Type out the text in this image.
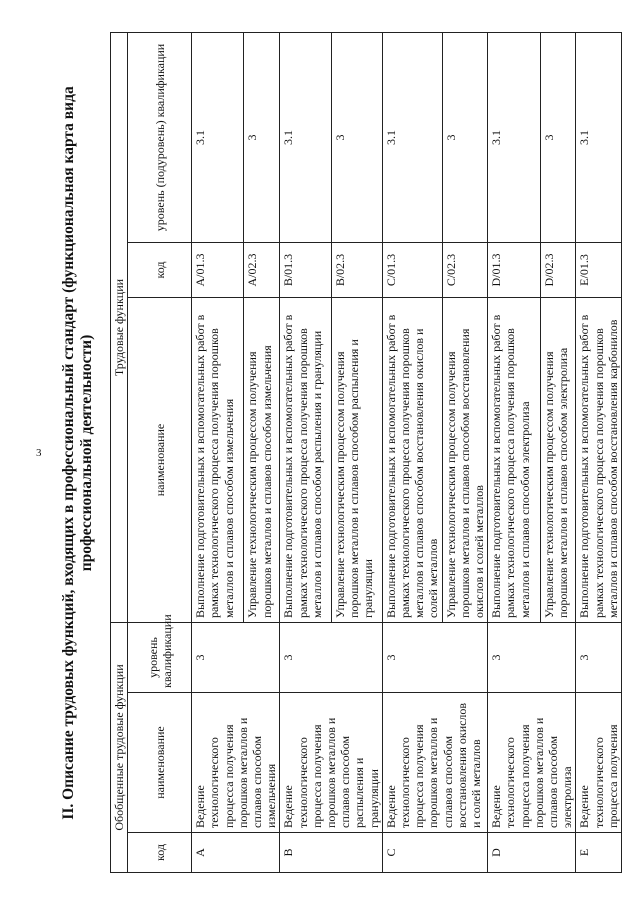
3 II. Описание трудовых функций, входящих в профессиональный стандарт (функциональная карта вида профессиональной деятельности)
Обобщенные трудовые функции			Трудовые функции		
код	наименование	уровень квалификации	наименование	код	уровень (подуровень) квалификации
A	Ведение технологического процесса получения порошков металлов и сплавов способом измельчения	3	Выполнение подготовительных и вспомогательных работ в рамках технологического процесса получения порошков металлов и сплавов способом измельчения	A/01.3	3.1
			Управление технологическим процессом получения порошков металлов и сплавов способом измельчения	A/02.3	3
B	Ведение технологического процесса получения порошков металлов и сплавов способом распыления и грануляции	3	Выполнение подготовительных и вспомогательных работ в рамках технологического процесса получения порошков металлов и сплавов способом распыления и грануляции	B/01.3	3.1
			Управление технологическим процессом получения порошков металлов и сплавов способом распыления и грануляции	B/02.3	3
C	Ведение технологического процесса получения порошков металлов и сплавов способом восстановления окислов и солей металлов	3	Выполнение подготовительных и вспомогательных работ в рамках технологического процесса получения порошков металлов и сплавов способом восстановления окислов и солей металлов	C/01.3	3.1
			Управление технологическим процессом получения порошков металлов и сплавов способом восстановления окислов и солей металлов	C/02.3	3
D	Ведение технологического процесса получения порошков металлов и сплавов способом электролиза	3	Выполнение подготовительных и вспомогательных работ в рамках технологического процесса получения порошков металлов и сплавов способом электролиза	D/01.3	3.1
			Управление технологическим процессом получения порошков металлов и сплавов способом электролиза	D/02.3	3
E	Ведение технологического процесса получения	3	Выполнение подготовительных и вспомогательных работ в рамках технологического процесса получения порошков металлов и сплавов способом восстановления карбонилов	E/01.3	3.1
